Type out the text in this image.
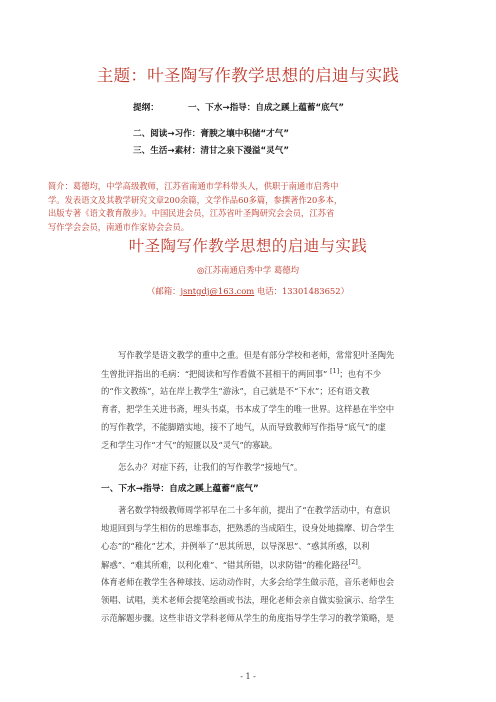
主题：叶圣陶写作教学思想的启迪与实践
提纲：	一、下水→指导：自成之蹊上蕴蓄“底气”
二、阅读→习作：膏腴之壤中积储“才气”
三、生活→素材：清甘之泉下漫溢“灵气”
简介：葛德均，中学高级教师，江苏省南通市学科带头人，供职于南通市启秀中
学。发表语文及其教学研究文章200余篇，文学作品60多篇，参撰著作20多本，
出版专著《语文教育散步》。中国民进会员，江苏省叶圣陶研究会会员，江苏省
写作学会会员，南通市作家协会会员。
叶圣陶写作教学思想的启迪与实践
◎江苏南通启秀中学 葛德均
（邮箱：jsntgdj@163.com 电话：13301483652）
写作教学是语文教学的重中之重。但是有部分学校和老师，常常犯叶圣陶先
生曾批评指出的毛病：“把阅读和写作看做不甚相干的两回事” [1]；也有不少
的“作文教练”，站在岸上教学生“游泳”，自己就是不“下水”；还有语文教
育者，把学生关进书斋，埋头书桌，书本成了学生的唯一世界。这样悬在半空中
的写作教学，不能脚踏实地，接不了地气，从而导致教师写作指导“底气”的虚
乏和学生习作“才气”的短匮以及“灵气”的寡缺。
怎么办？对症下药，让我们的写作教学“接地气”。
一、下水→指导：自成之蹊上蕴蓄“底气”
著名数学特级教师周学祁早在二十多年前，提出了“在教学活动中，有意识
地退回到与学生相仿的思维事态，把熟悉的当成陌生，设身处地揣摩、切合学生
心态”的“稚化”艺术，并例举了“思其所思，以导深思”、“惑其所惑，以利
解惑”、“难其所难，以利化难”、“错其所错，以求防错”的稚化路径[2]。
体育老师在教学生各种球技、运动动作时，大多会给学生做示范，音乐老师也会
领唱、试唱，美术老师会提笔绘画或书法，理化老师会亲自做实验演示、给学生
示范解题步骤。这些非语文学科老师从学生的角度指导学生学习的教学策略，是
- 1 -
